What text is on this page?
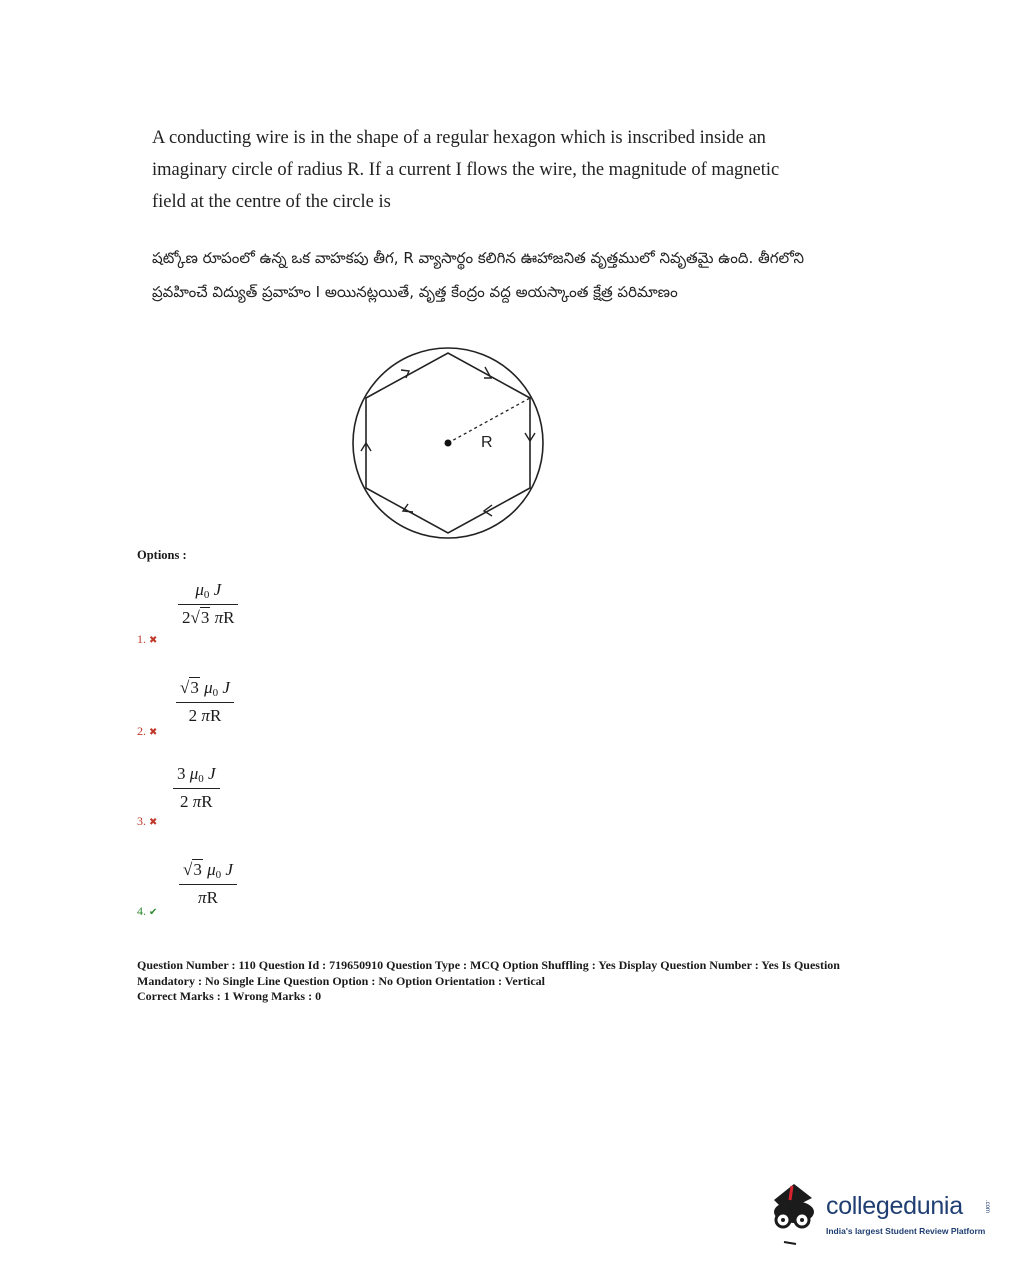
A conducting wire is in the shape of a regular hexagon which is inscribed inside an imaginary circle of radius R. If a current I flows the wire, the magnitude of magnetic field at the centre of the circle is
షట్కోణ రూపంలో ఉన్న ఒక వాహకపు తీగ, R వ్యాసార్థం కలిగిన ఊహాజనిత వృత్తములో నివృతమై ఉంది. తీగలోని ప్రవహించే విద్యుత్ ప్రవాహం I అయినట్లయితే, వృత్త కేంద్రం వద్ద అయస్కాంత క్షేత్ర పరిమాణం
R
Options :
$\mu_0$ J
2√3 πR
1. ✖
√3 $\mu_0$ J
2 πR
2. ✖
3 $\mu_0$ J
2 πR
3. ✖
√3 $\mu_0$ J
πR
4. ✔
Question Number : 110 Question Id : 719650910 Question Type : MCQ Option Shuffling : Yes Display Question Number : Yes Is Question Mandatory : No Single Line Question Option : No Option Orientation : Vertical
Correct Marks : 1 Wrong Marks : 0
collegedunia	.com
India's largest Student Review Platform
